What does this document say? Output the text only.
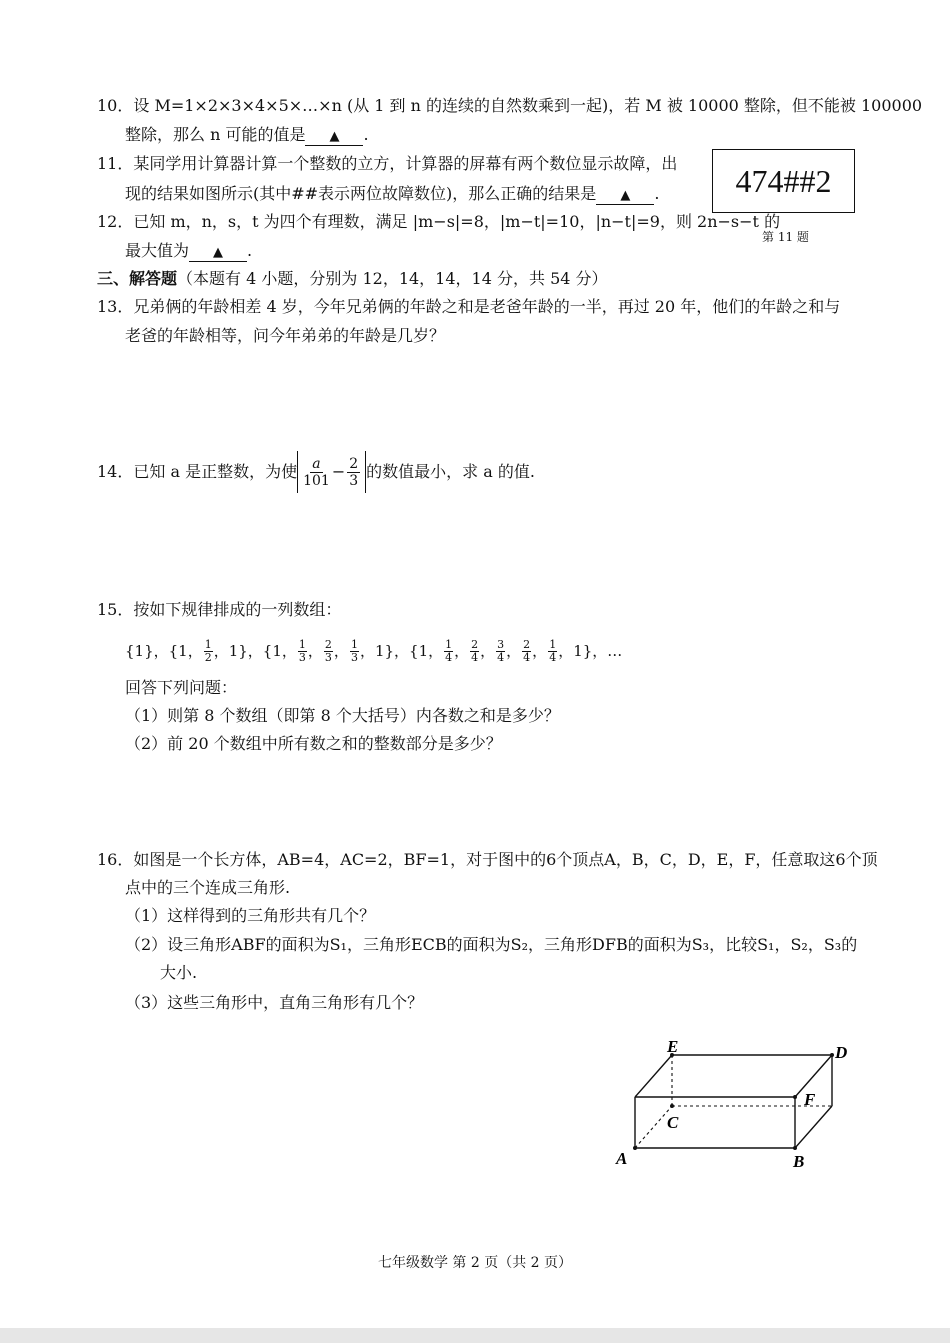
10．设 M=1×2×3×4×5×…×n (从 1 到 n 的连续的自然数乘到一起)，若 M 被 10000 整除，但不能被 100000
整除，那么 n 可能的值是 ▲ .
11．某同学用计算器计算一个整数的立方，计算器的屏幕有两个数位显示故障，出
现的结果如图所示(其中##表示两位故障数位)，那么正确的结果是 ▲ .	474##2
第 11 题
12．已知 m，n，s，t 为四个有理数，满足 |m−s|=8，|m−t|=10，|n−t|=9，则 2n−s−t 的
最大值为 ▲ .
三、解答题（本题有 4 小题，分别为 12，14，14，14 分，共 54 分）
13．兄弟俩的年龄相差 4 岁，今年兄弟俩的年龄之和是老爸年龄的一半，再过 20 年，他们的年龄之和与
老爸的年龄相等，问今年弟弟的年龄是几岁？
14．已知 a 是正整数，为使 $\frac{a}{101} - \frac{2}{3}$ 的数值最小，求 a 的值.
15．按如下规律排成的一列数组：
{1}，{1， $\frac{1}{2}$ ，1}，{1， $\frac{1}{3}$ ， $\frac{2}{3}$ ， $\frac{1}{3}$ ，1}，{1， $\frac{1}{4}$ ， $\frac{2}{4}$ ， $\frac{3}{4}$ ， $\frac{2}{4}$ ， $\frac{1}{4}$ ，1}，…
回答下列问题：
（1）则第 8 个数组（即第 8 个大括号）内各数之和是多少？
（2）前 20 个数组中所有数之和的整数部分是多少？
16．如图是一个长方体，AB=4，AC=2，BF=1，对于图中的6个顶点A，B，C，D，E，F，任意取这6个顶
点中的三个连成三角形.
（1）这样得到的三角形共有几个？
（2）设三角形ABF的面积为S₁，三角形ECB的面积为S₂，三角形DFB的面积为S₃，比较S₁，S₂，S₃的
大小.
（3）这些三角形中，直角三角形有几个？
A	B
C
D
E
F
七年级数学 第 2 页（共 2 页）
